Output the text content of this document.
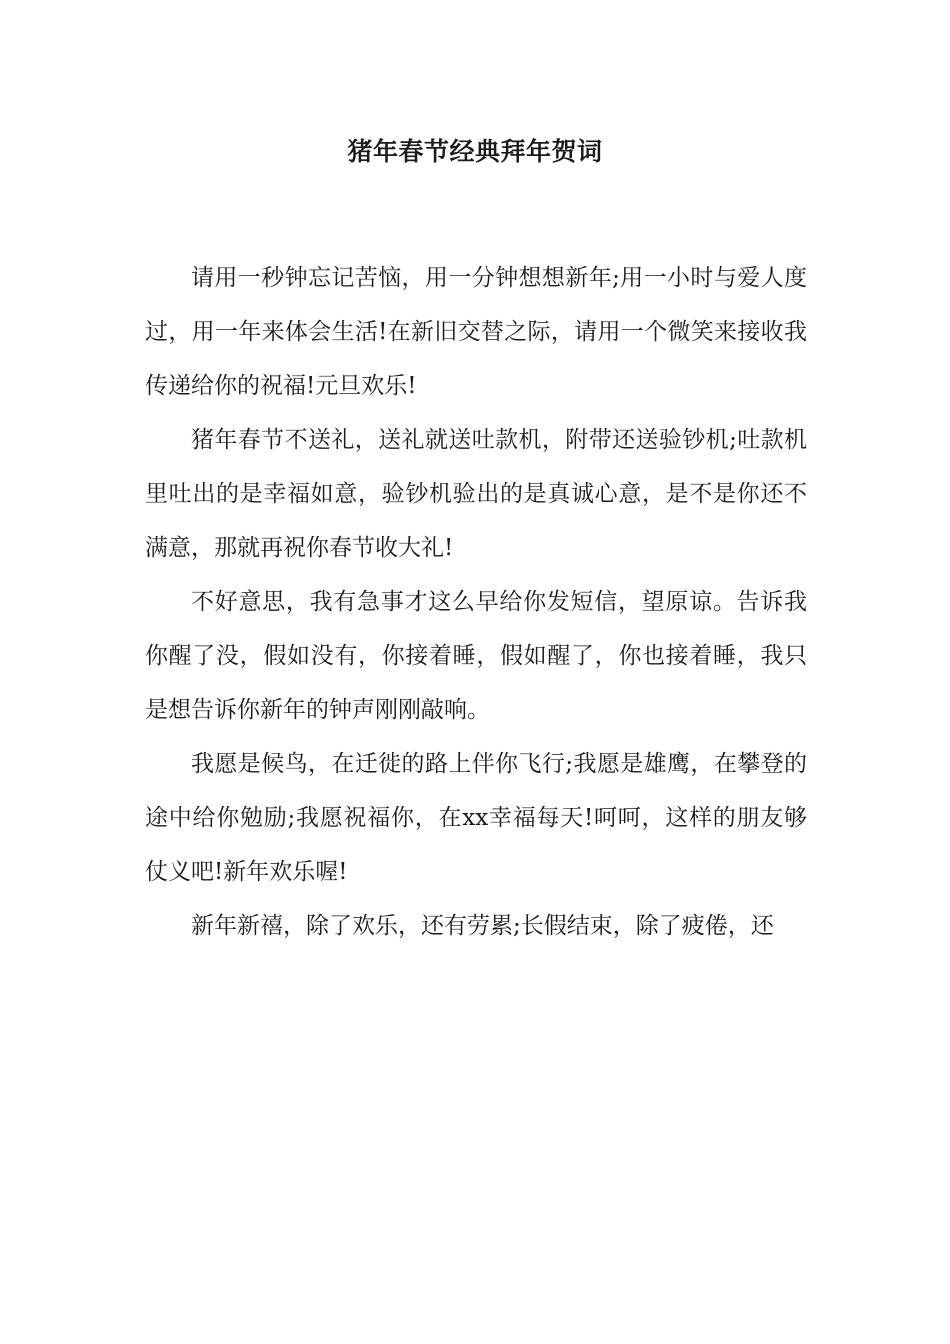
猪年春节经典拜年贺词

请用一秒钟忘记苦恼，用一分钟想想新年;用一小时与爱人度过，用一年来体会生活!在新旧交替之际，请用一个微笑来接收我传递给你的祝福!元旦欢乐!

猪年春节不送礼，送礼就送吐款机，附带还送验钞机;吐款机里吐出的是幸福如意，验钞机验出的是真诚心意，是不是你还不满意，那就再祝你春节收大礼!

不好意思，我有急事才这么早给你发短信，望原谅。告诉我你醒了没，假如没有，你接着睡，假如醒了，你也接着睡，我只是想告诉你新年的钟声刚刚敲响。

我愿是候鸟，在迁徙的路上伴你飞行;我愿是雄鹰，在攀登的途中给你勉励;我愿祝福你，在xx幸福每天!呵呵，这样的朋友够仗义吧!新年欢乐喔!

新年新禧，除了欢乐，还有劳累;长假结束，除了疲倦，还
